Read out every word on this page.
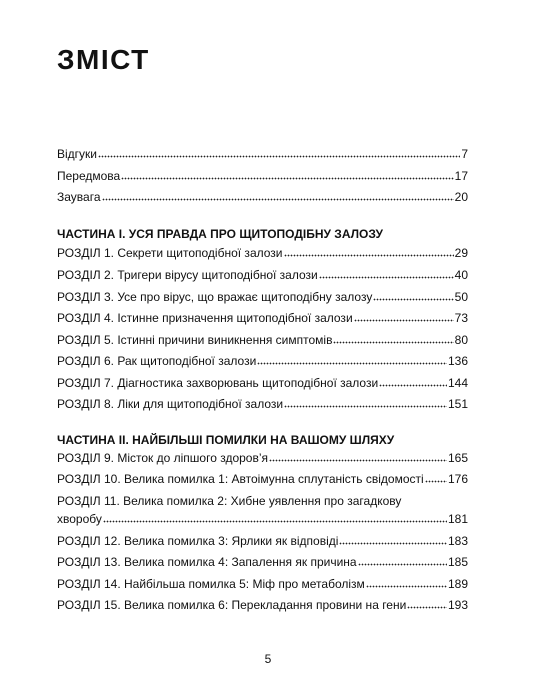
ЗМІСТ
Відгуки	7
Передмова	17
Заувага	20
ЧАСТИНА I. УСЯ ПРАВДА ПРО ЩИТОПОДІБНУ ЗАЛОЗУ
РОЗДІЛ 1. Секрети щитоподібної залози	29
РОЗДІЛ 2. Тригери вірусу щитоподібної залози	40
РОЗДІЛ 3. Усе про вірус, що вражає щитоподібну залозу	50
РОЗДІЛ 4. Істинне призначення щитоподібної залози	73
РОЗДІЛ 5. Істинні причини виникнення симптомів	80
РОЗДІЛ 6. Рак щитоподібної залози	136
РОЗДІЛ 7. Діагностика захворювань щитоподібної залози	144
РОЗДІЛ 8. Ліки для щитоподібної залози	151
ЧАСТИНА II. НАЙБІЛЬШІ ПОМИЛКИ НА ВАШОМУ ШЛЯХУ
РОЗДІЛ 9. Місток до ліпшого здоров’я	165
РОЗДІЛ 10. Велика помилка 1: Автоімунна сплутаність свідомості 176
РОЗДІЛ 11. Велика помилка 2: Хибне уявлення про загадкову
хворобу	181
РОЗДІЛ 12. Велика помилка 3: Ярлики як відповіді	183
РОЗДІЛ 13. Велика помилка 4: Запалення як причина	185
РОЗДІЛ 14. Найбільша помилка 5: Міф про метаболізм	189
РОЗДІЛ 15. Велика помилка 6: Перекладання провини на гени	193
5
